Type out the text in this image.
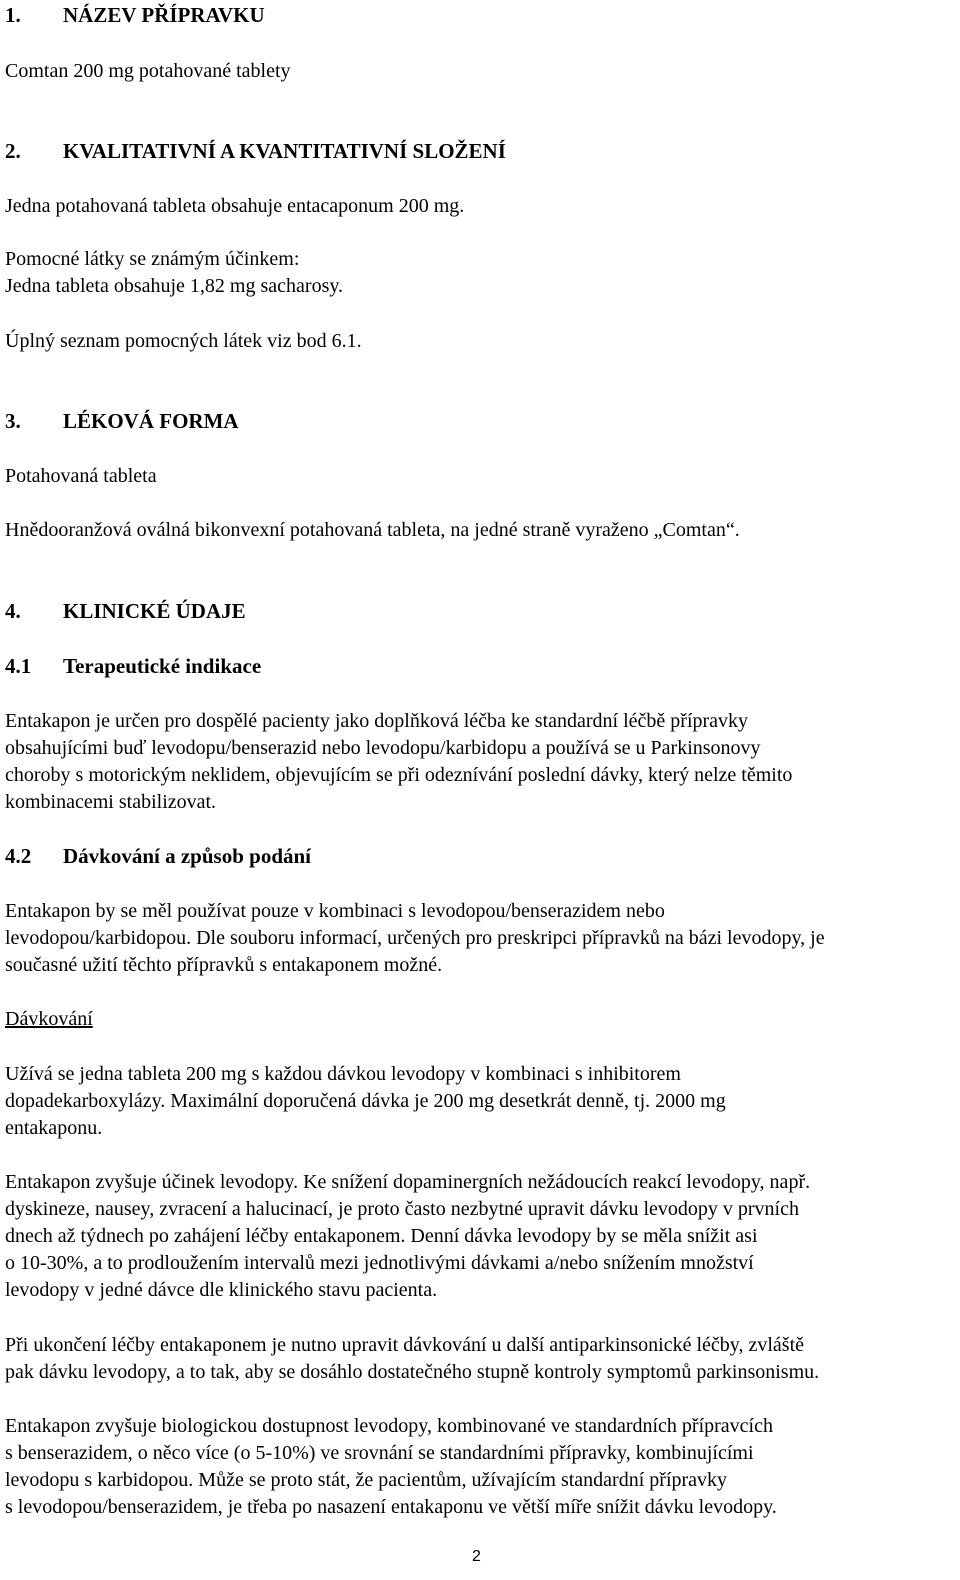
1. NÁZEV PŘÍPRAVKU

Comtan 200 mg potahované tablety

2. KVALITATIVNÍ A KVANTITATIVNÍ SLOŽENÍ

Jedna potahovaná tableta obsahuje entacaponum 200 mg.

Pomocné látky se známým účinkem:

Jedna tableta obsahuje 1,82 mg sacharosy.

Úplný seznam pomocných látek viz bod 6.1.

3. LÉKOVÁ FORMA

Potahovaná tableta

Hnědooranžová oválná bikonvexní potahovaná tableta, na jedné straně vyraženo „Comtan“.

4. KLINICKÉ ÚDAJE
4.1 Terapeutické indikace

Entakapon je určen pro dospělé pacienty jako doplňková léčba ke standardní léčbě přípravky

obsahujícími buď levodopu/benserazid nebo levodopu/karbidopu a používá se u Parkinsonovy

choroby s motorickým neklidem, objevujícím se při odeznívání poslední dávky, který nelze těmito

kombinacemi stabilizovat.

4.2 Dávkování a způsob podání

Entakapon by se měl používat pouze v kombinaci s levodopou/benserazidem nebo

levodopou/karbidopou. Dle souboru informací, určených pro preskripci přípravků na bázi levodopy, je

současné užití těchto přípravků s entakaponem možné.

Dávkování

Užívá se jedna tableta 200 mg s každou dávkou levodopy v kombinaci s inhibitorem

dopadekarboxylázy. Maximální doporučená dávka je 200 mg desetkrát denně, tj. 2000 mg

entakaponu.

Entakapon zvyšuje účinek levodopy. Ke snížení dopaminergních nežádoucích reakcí levodopy, např.

dyskineze, nausey, zvracení a halucinací, je proto často nezbytné upravit dávku levodopy v prvních

dnech až týdnech po zahájení léčby entakaponem. Denní dávka levodopy by se měla snížit asi

o 10-30%, a to prodloužením intervalů mezi jednotlivými dávkami a/nebo snížením množství

levodopy v jedné dávce dle klinického stavu pacienta.

Při ukončení léčby entakaponem je nutno upravit dávkování u další antiparkinsonické léčby, zvláště

pak dávku levodopy, a to tak, aby se dosáhlo dostatečného stupně kontroly symptomů parkinsonismu.

Entakapon zvyšuje biologickou dostupnost levodopy, kombinované ve standardních přípravcích

s benserazidem, o něco více (o 5-10%) ve srovnání se standardními přípravky, kombinujícími

levodopu s karbidopou. Může se proto stát, že pacientům, užívajícím standardní přípravky

s levodopou/benserazidem, je třeba po nasazení entakaponu ve větší míře snížit dávku levodopy.

2
